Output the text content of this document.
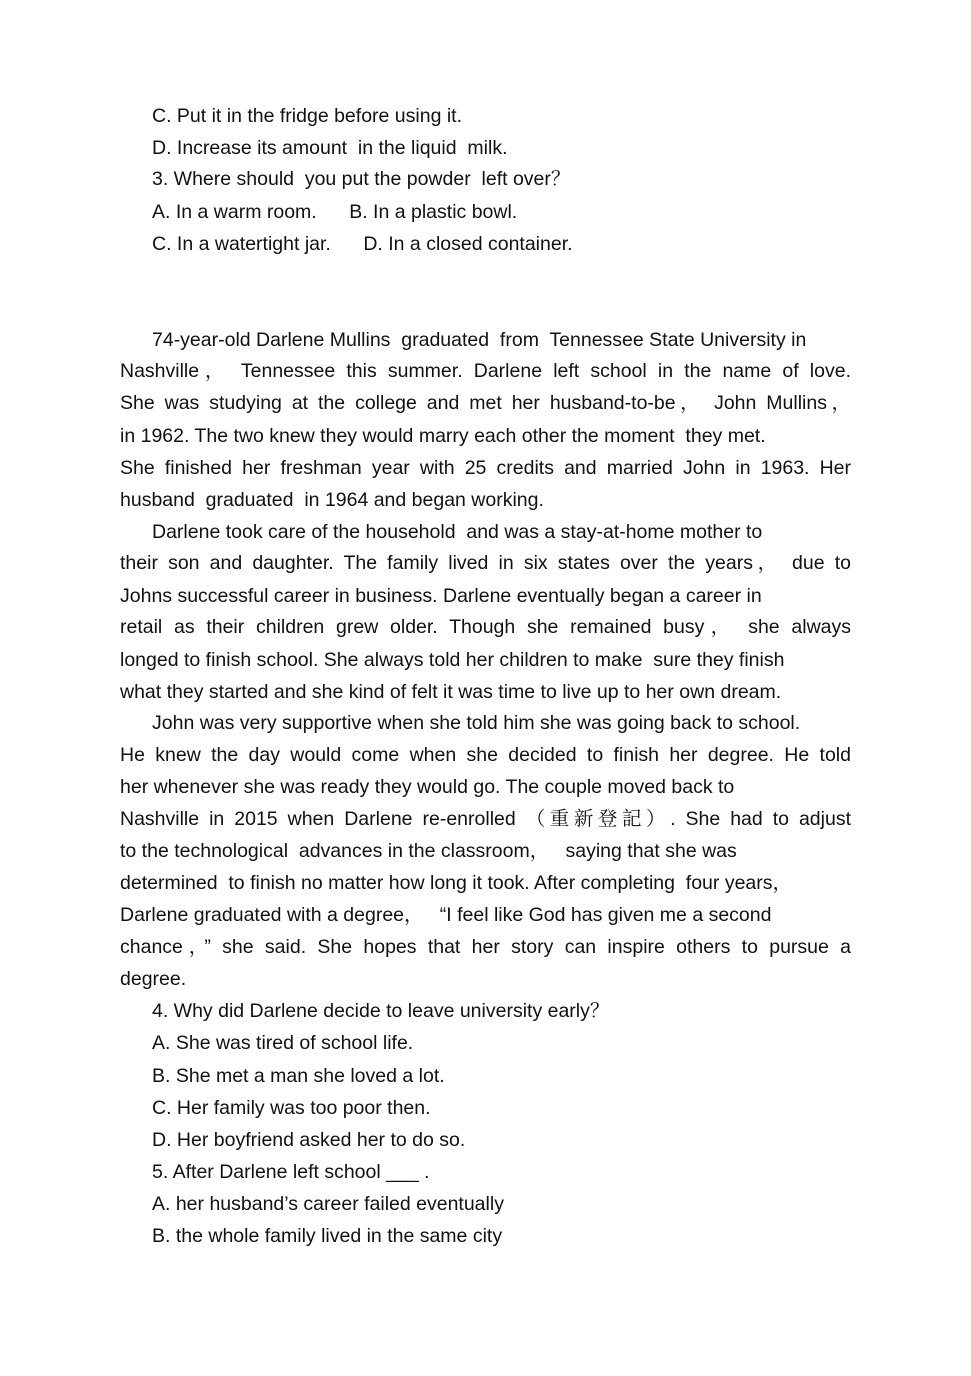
C. Put it in the fridge before using it.
D. Increase its amount  in the liquid  milk.
3. Where should  you put the powder  left over？
A. In a warm room.      B. In a plastic bowl.
C. In a watertight jar.      D. In a closed container.
74-year-old Darlene Mullins  graduated  from  Tennessee State University in
Nashville， Tennessee this summer. Darlene left school in the name of love.
She was studying at the college and met her husband-to-be， John Mullins，
in 1962. The two knew they would marry each other the moment  they met.
She finished her freshman year with 25 credits and married John in 1963. Her
husband  graduated  in 1964 and began working.
Darlene took care of the household  and was a stay-at-home mother to
their son and daughter. The family lived in six states over the years， due to
Johns successful career in business. Darlene eventually began a career in
retail as their children grew older. Though she remained busy， she always
longed to finish school. She always told her children to make  sure they finish
what they started and she kind of felt it was time to live up to her own dream.
John was very supportive when she told him she was going back to school.
He knew the day would come when she decided to finish her degree. He told
her whenever she was ready they would go. The couple moved back to
Nashville in 2015 when Darlene re-enrolled （重新登記）. She had to adjust
to the technological  advances in the classroom，   saying that she was
determined  to finish no matter how long it took. After completing  four years，
Darlene graduated with a degree，   “I feel like God has given me a second
chance，” she said. She hopes that her story can inspire others to pursue a
degree.
4. Why did Darlene decide to leave university early？
A. She was tired of school life.
B. She met a man she loved a lot.
C. Her family was too poor then.
D. Her boyfriend asked her to do so.
5. After Darlene left school ___ .
A. her husband’s career failed eventually
B. the whole family lived in the same city
